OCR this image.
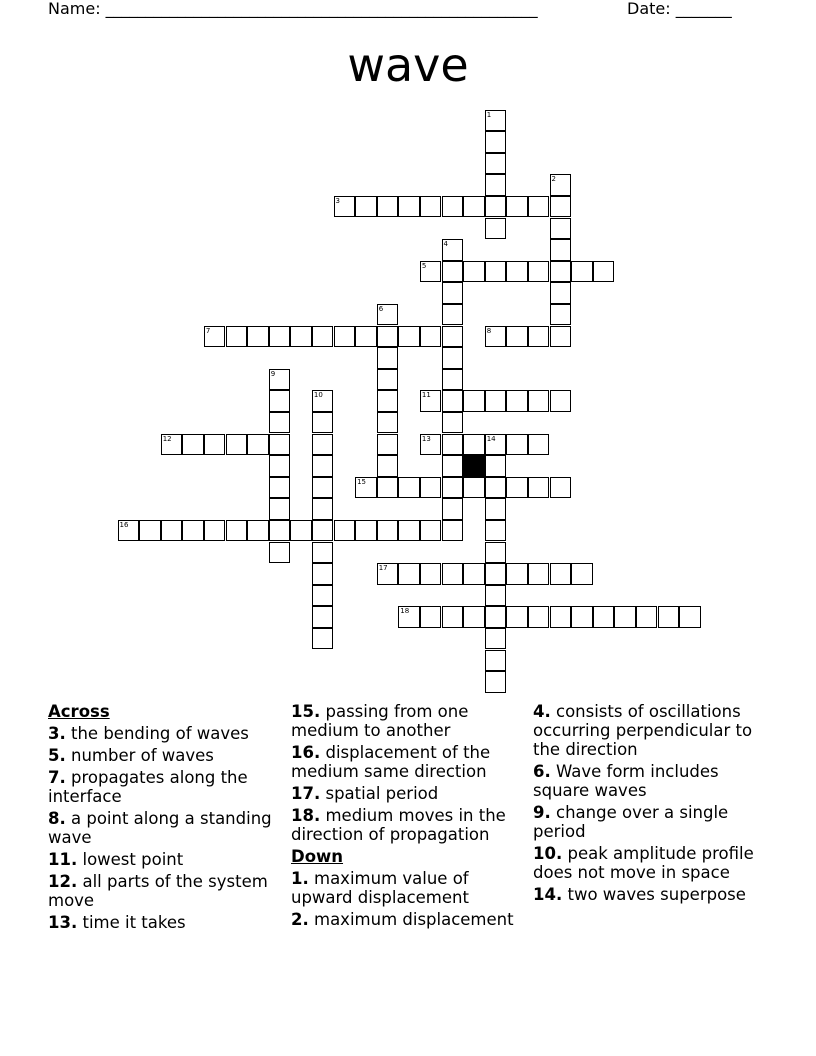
Name: ______________________________________________________	Date: _______
wave
1
2
3
4
5
6
7	8
9
10	11
12	13	14
15
16
17
18
Across
3. the bending of waves
5. number of waves
7. propagates along the interface
8. a point along a standing wave
11. lowest point
12. all parts of the system move
13. time it takes
15. passing from one medium to another
16. displacement of the medium same direction
17. spatial period
18. medium moves in the direction of propagation
Down
1. maximum value of upward displacement
2. maximum displacement
4. consists of oscillations occurring perpendicular to the direction
6. Wave form includes square waves
9. change over a single period
10. peak amplitude profile does not move in space
14. two waves superpose
